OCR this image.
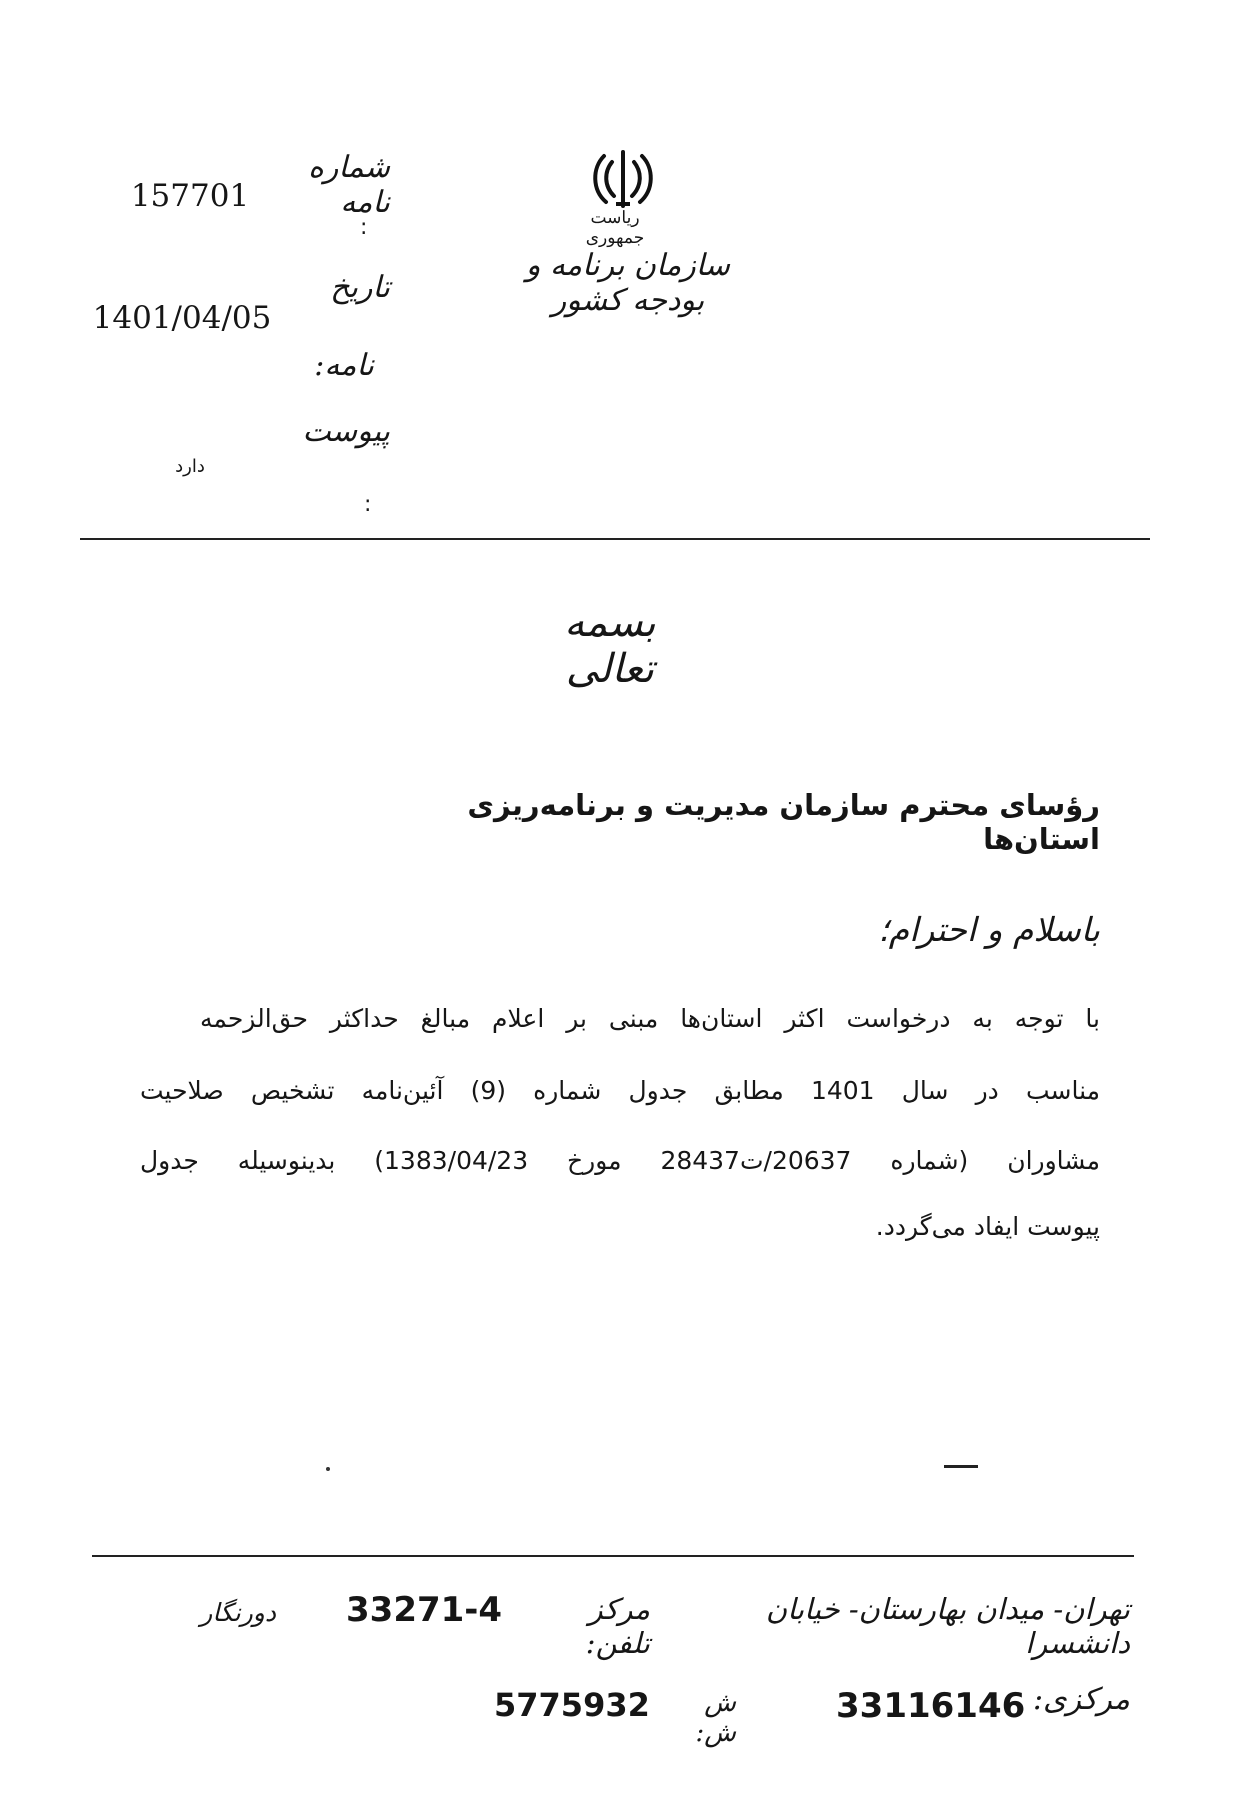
ریاست جمهوری
سازمان برنامه و بودجه کشور
شماره نامه
:
تاریخ
نامه:
پیوست
:
157701
1401/04/05
دارد
بسمه تعالی
رؤسای محترم سازمان مدیریت و برنامه‌ریزی استان‌ها
باسلام و احترام؛
با توجه به درخواست اکثر استان‌ها مبنی بر اعلام مبالغ حداکثر حق‌الزحمه
مناسب در سال 1401 مطابق جدول شماره (9) آئین‌نامه تشخیص صلاحیت
مشاوران (شماره 20637/ت28437 مورخ 1383/04/23) بدینوسیله جدول
پیوست ایفاد می‌گردد.
تهران- میدان بهارستان- خیابان دانشسرا
مرکز تلفن:
33271-4
دورنگار
مرکزی:
33116146
ش ش:
5775932
